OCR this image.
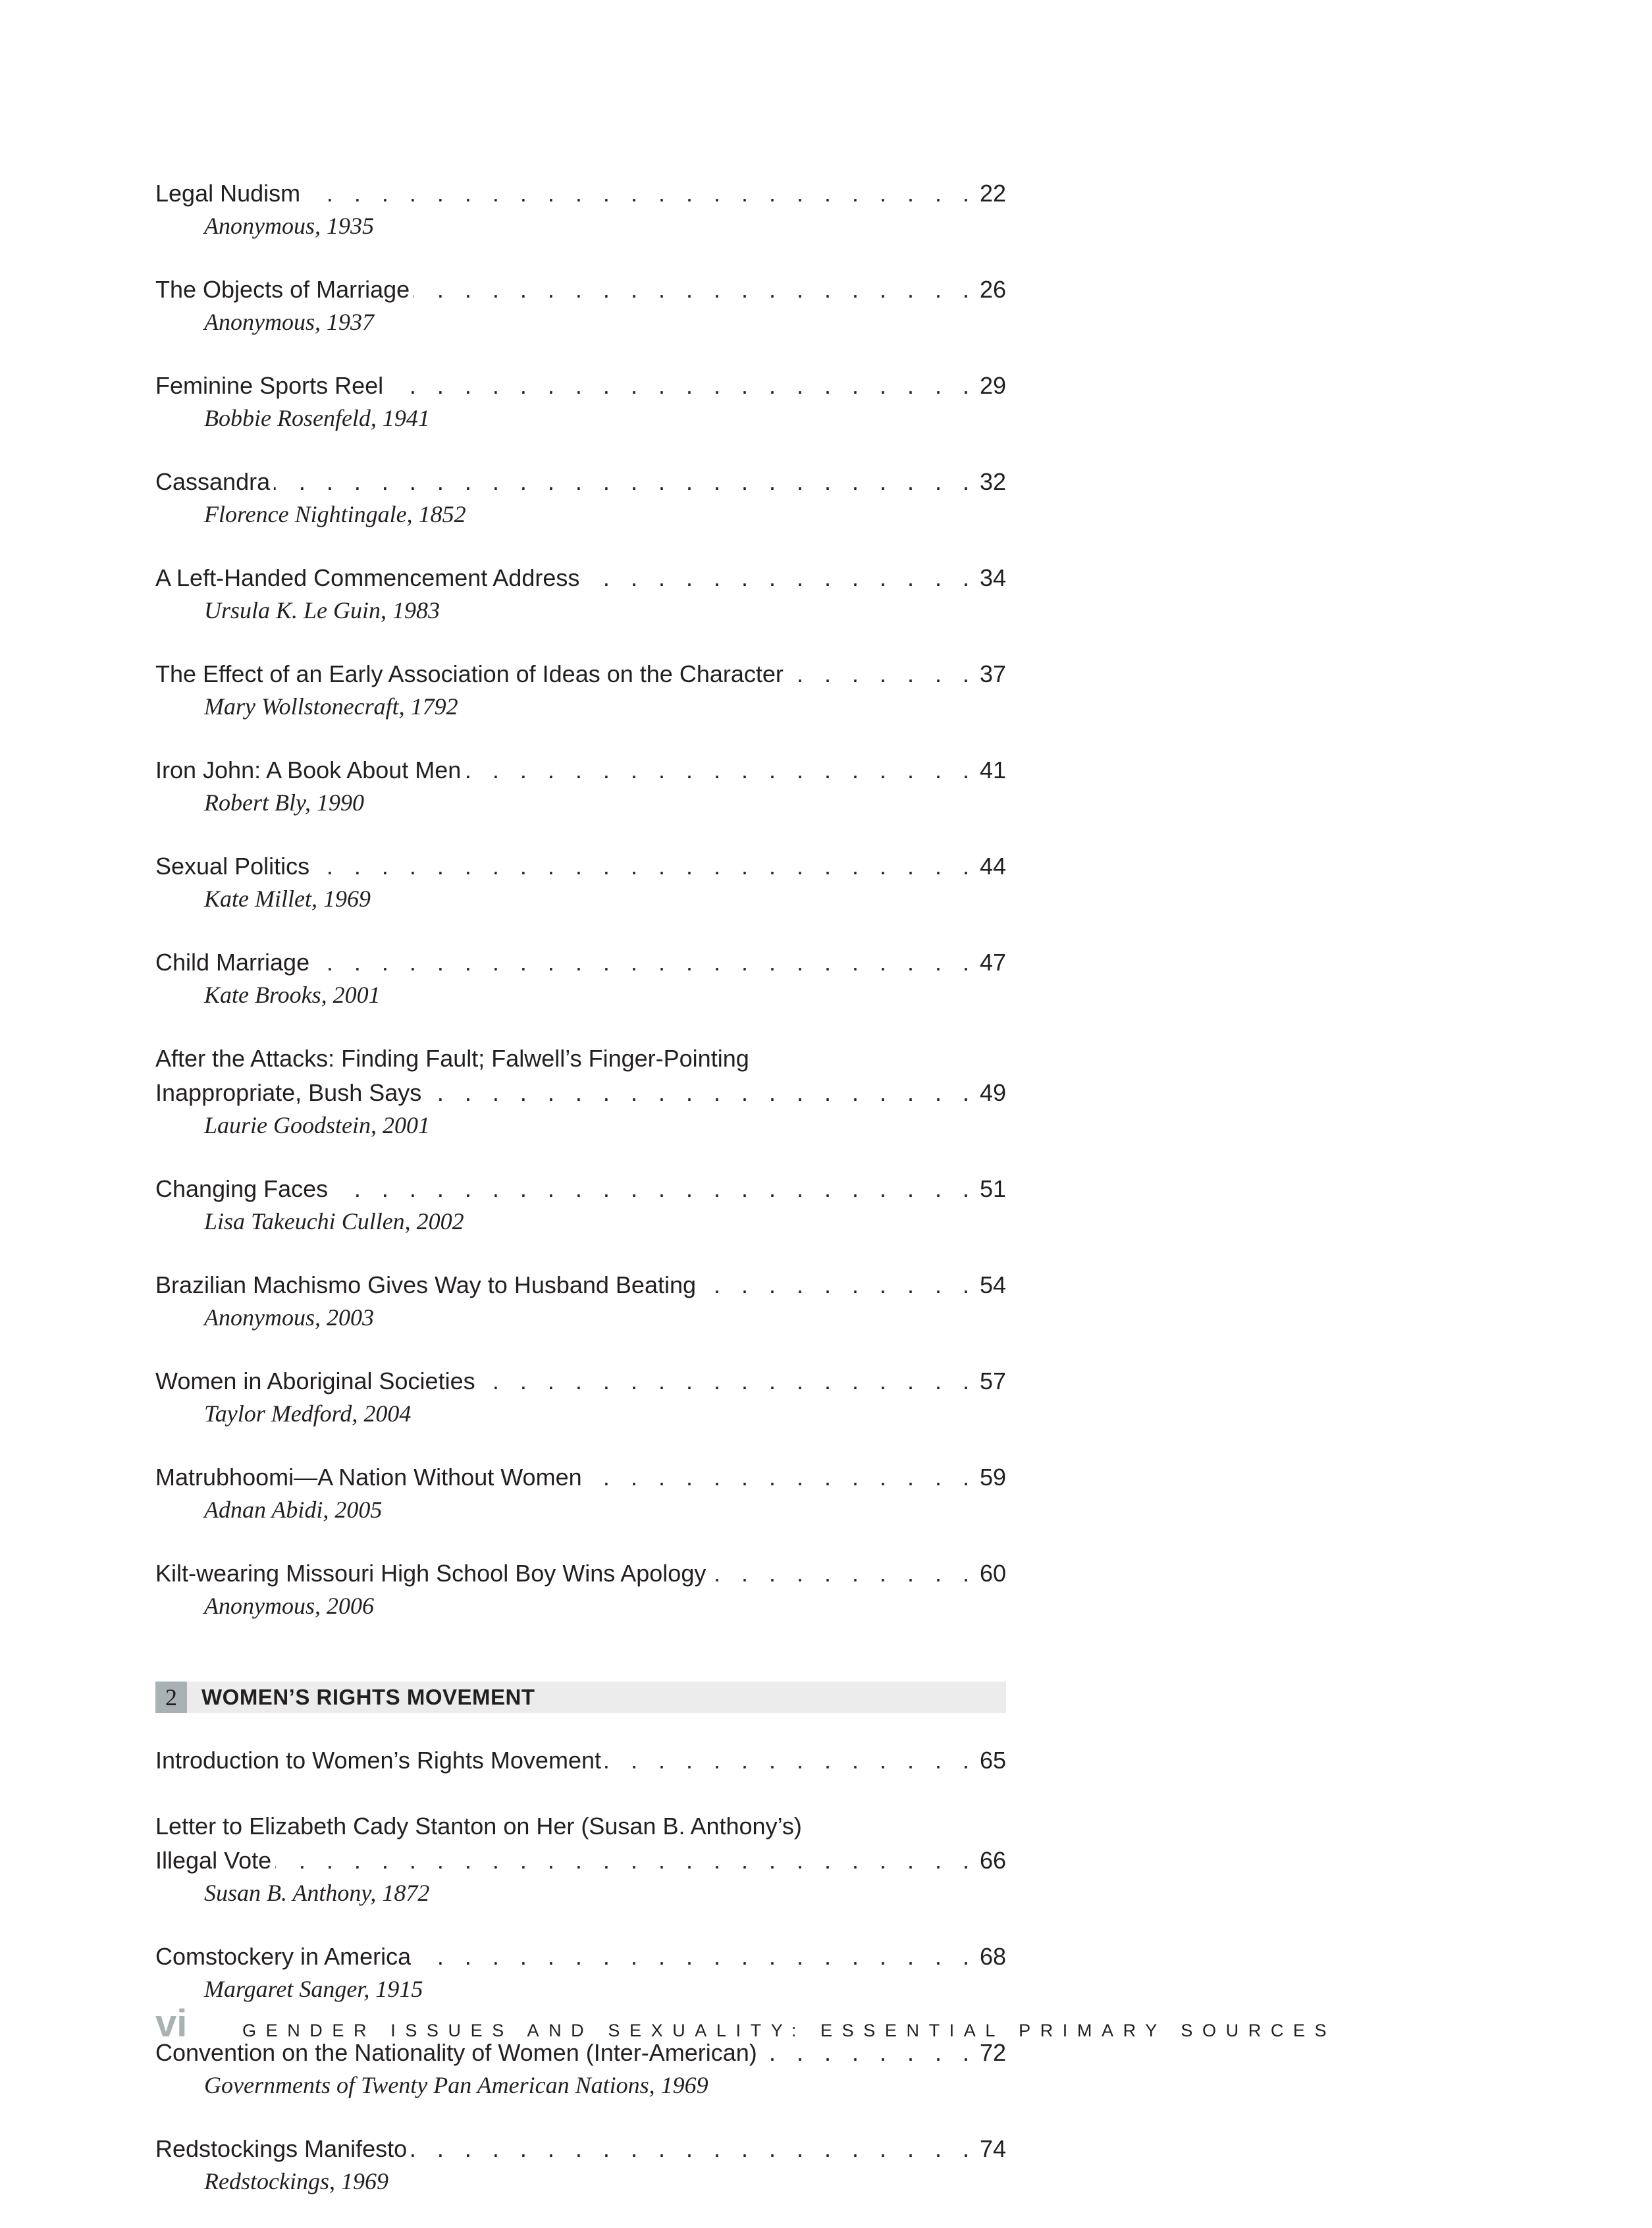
Legal Nudism . . .	22
Anonymous, 1935
The Objects of Marriage . . .	26
Anonymous, 1937
Feminine Sports Reel . . .	29
Bobbie Rosenfeld, 1941
Cassandra . . .	32
Florence Nightingale, 1852
A Left-Handed Commencement Address . . .	34
Ursula K. Le Guin, 1983
The Effect of an Early Association of Ideas on the Character . . .	37
Mary Wollstonecraft, 1792
Iron John: A Book About Men . . .	41
Robert Bly, 1990
Sexual Politics . . .	44
Kate Millet, 1969
Child Marriage . . .	47
Kate Brooks, 2001
After the Attacks: Finding Fault; Falwell’s Finger-Pointing
Inappropriate, Bush Says . . .	49
Laurie Goodstein, 2001
Changing Faces . . .	51
Lisa Takeuchi Cullen, 2002
Brazilian Machismo Gives Way to Husband Beating . . .	54
Anonymous, 2003
Women in Aboriginal Societies . . .	57
Taylor Medford, 2004
Matrubhoomi—A Nation Without Women . . .	59
Adnan Abidi, 2005
Kilt-wearing Missouri High School Boy Wins Apology . . .	60
Anonymous, 2006
2	WOMEN’S RIGHTS MOVEMENT
Introduction to Women’s Rights Movement . . .	65
Letter to Elizabeth Cady Stanton on Her (Susan B. Anthony’s)
Illegal Vote . . .	66
Susan B. Anthony, 1872
Comstockery in America . . .	68
Margaret Sanger, 1915
Convention on the Nationality of Women (Inter-American) . . .	72
Governments of Twenty Pan American Nations, 1969
Redstockings Manifesto . . .	74
Redstockings, 1969
vi	GENDER ISSUES AND SEXUALITY: ESSENTIAL PRIMARY SOURCES
